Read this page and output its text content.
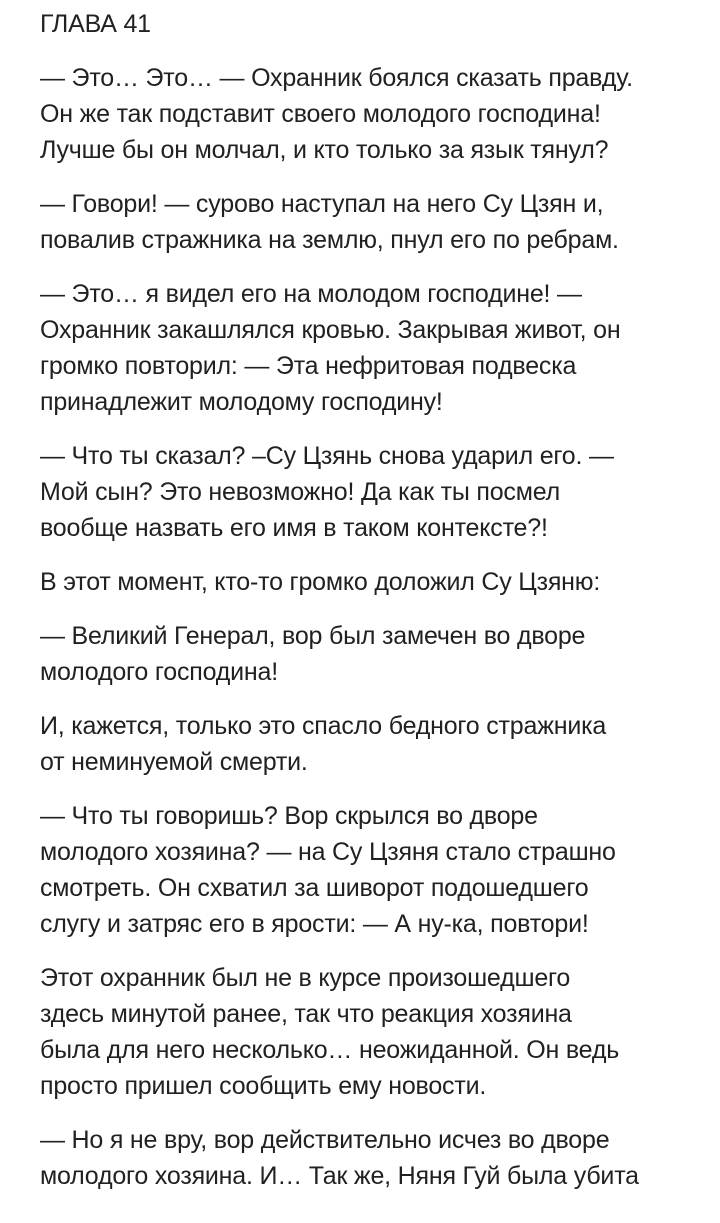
ГЛАВА 41
— Это… Это… — Охранник боялся сказать правду.
Он же так подставит своего молодого господина!
Лучше бы он молчал, и кто только за язык тянул?
— Говори! — сурово наступал на него Су Цзян и,
повалив стражника на землю, пнул его по ребрам.
— Это… я видел его на молодом господине! —
Охранник закашлялся кровью. Закрывая живот, он
громко повторил: — Эта нефритовая подвеска
принадлежит молодому господину!
— Что ты сказал? –Су Цзянь снова ударил его. —
Мой сын? Это невозможно! Да как ты посмел
вообще назвать его имя в таком контексте?!
В этот момент, кто-то громко доложил Су Цзяню:
— Великий Генерал, вор был замечен во дворе
молодого господина!
И, кажется, только это спасло бедного стражника
от неминуемой смерти.
— Что ты говоришь? Вор скрылся во дворе
молодого хозяина? — на Су Цзяня стало страшно
смотреть. Он схватил за шиворот подошедшего
слугу и затряс его в ярости: — А ну-ка, повтори!
Этот охранник был не в курсе произошедшего
здесь минутой ранее, так что реакция хозяина
была для него несколько… неожиданной. Он ведь
просто пришел сообщить ему новости.
— Но я не вру, вор действительно исчез во дворе
молодого хозяина. И… Так же, Няня Гуй была убита
